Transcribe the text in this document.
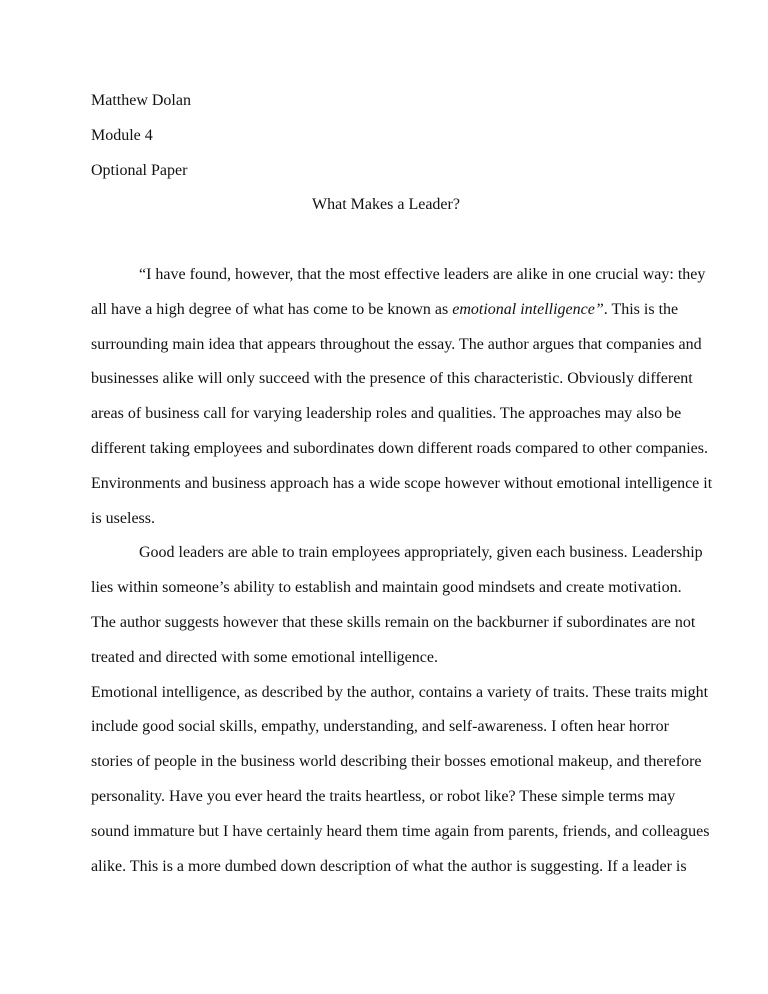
Matthew Dolan
Module 4
Optional Paper
What Makes a Leader?
“I have found, however, that the most effective leaders are alike in one crucial way: they
all have a high degree of what has come to be known as emotional intelligence”. This is the
surrounding main idea that appears throughout the essay. The author argues that companies and
businesses alike will only succeed with the presence of this characteristic. Obviously different
areas of business call for varying leadership roles and qualities. The approaches may also be
different taking employees and subordinates down different roads compared to other companies.
Environments and business approach has a wide scope however without emotional intelligence it
is useless.
Good leaders are able to train employees appropriately, given each business. Leadership
lies within someone’s ability to establish and maintain good mindsets and create motivation.
The author suggests however that these skills remain on the backburner if subordinates are not
treated and directed with some emotional intelligence.
Emotional intelligence, as described by the author, contains a variety of traits. These traits might
include good social skills, empathy, understanding, and self-awareness. I often hear horror
stories of people in the business world describing their bosses emotional makeup, and therefore
personality. Have you ever heard the traits heartless, or robot like? These simple terms may
sound immature but I have certainly heard them time again from parents, friends, and colleagues
alike. This is a more dumbed down description of what the author is suggesting. If a leader is
